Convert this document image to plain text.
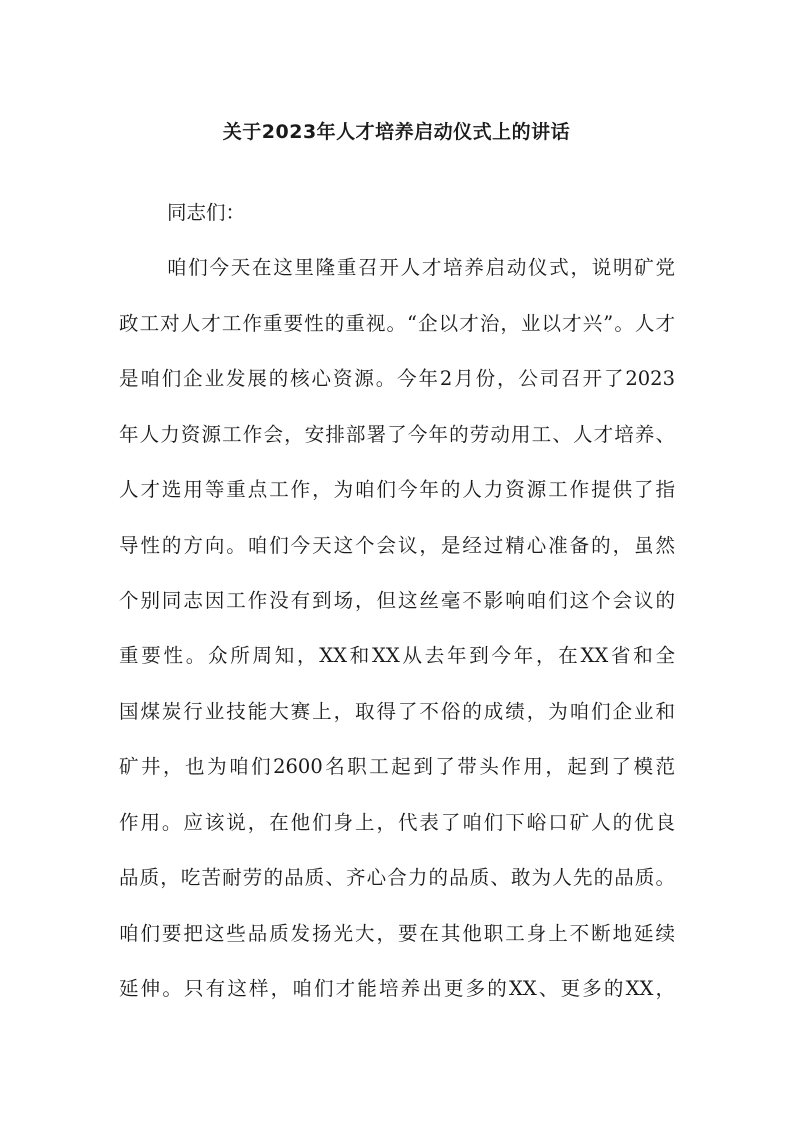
关于2023年人才培养启动仪式上的讲话
同志们：
咱们今天在这里隆重召开人才培养启动仪式，说明矿党
政工对人才工作重要性的重视。“企以才治，业以才兴”。人才
是咱们企业发展的核心资源。今年2月份，公司召开了2023
年人力资源工作会，安排部署了今年的劳动用工、人才培养、
人才选用等重点工作，为咱们今年的人力资源工作提供了指
导性的方向。咱们今天这个会议，是经过精心准备的，虽然
个别同志因工作没有到场，但这丝毫不影响咱们这个会议的
重要性。众所周知，XX和XX从去年到今年，在XX省和全
国煤炭行业技能大赛上，取得了不俗的成绩，为咱们企业和
矿井，也为咱们2600名职工起到了带头作用，起到了模范
作用。应该说，在他们身上，代表了咱们下峪口矿人的优良
品质，吃苦耐劳的品质、齐心合力的品质、敢为人先的品质。
咱们要把这些品质发扬光大，要在其他职工身上不断地延续
延伸。只有这样，咱们才能培养出更多的XX、更多的XX，
